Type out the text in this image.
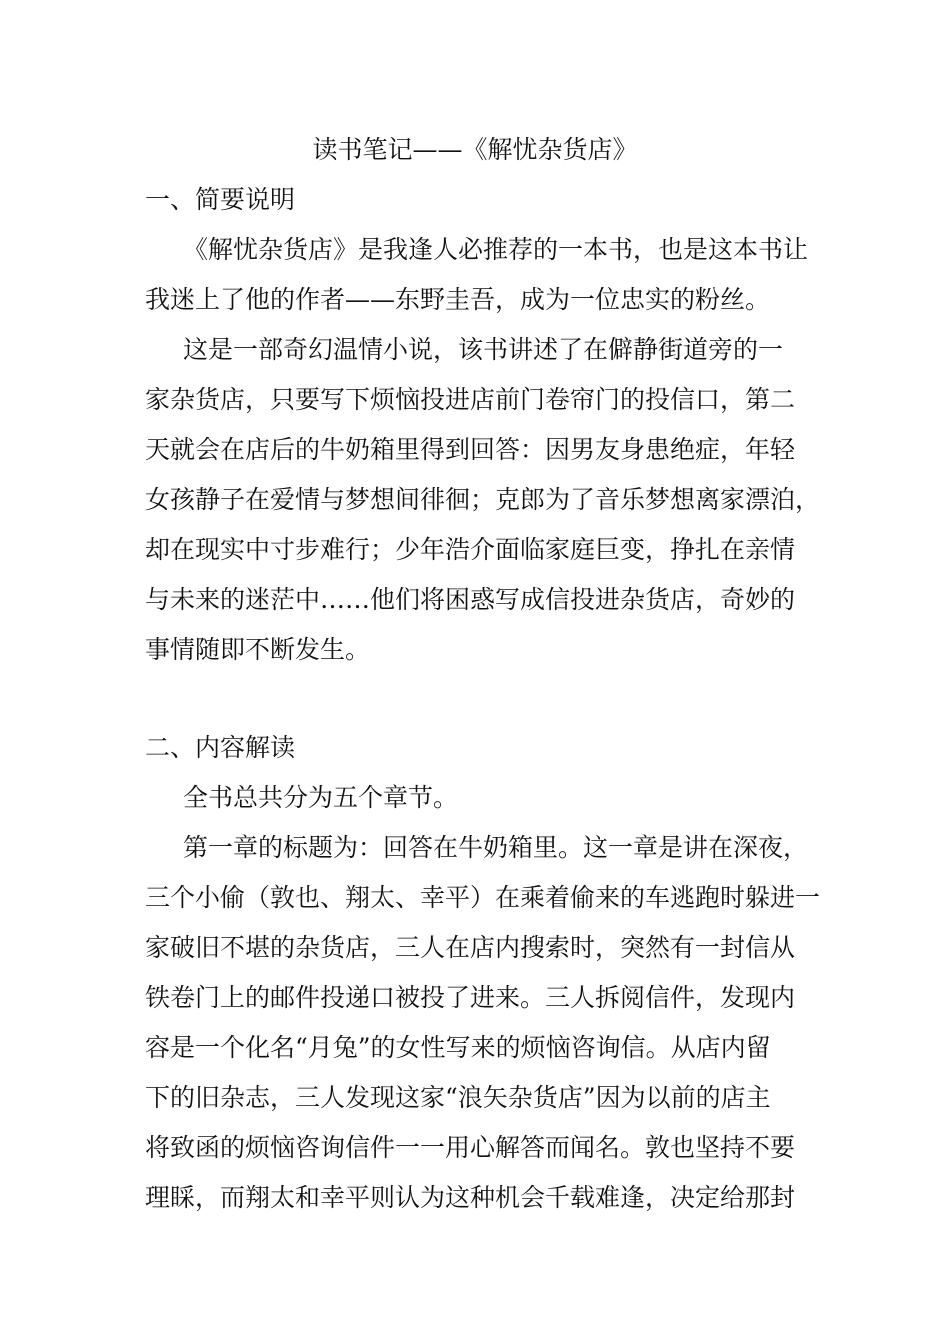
读书笔记——《解忧杂货店》
一、简要说明
《解忧杂货店》是我逢人必推荐的一本书，也是这本书让
我迷上了他的作者——东野圭吾，成为一位忠实的粉丝。
这是一部奇幻温情小说，该书讲述了在僻静街道旁的一
家杂货店，只要写下烦恼投进店前门卷帘门的投信口，第二
天就会在店后的牛奶箱里得到回答：因男友身患绝症，年轻
女孩静子在爱情与梦想间徘徊；克郎为了音乐梦想离家漂泊，
却在现实中寸步难行；少年浩介面临家庭巨变，挣扎在亲情
与未来的迷茫中……他们将困惑写成信投进杂货店，奇妙的
事情随即不断发生。
二、内容解读
全书总共分为五个章节。
第一章的标题为：回答在牛奶箱里。这一章是讲在深夜，
三个小偷（敦也、翔太、幸平）在乘着偷来的车逃跑时躲进一
家破旧不堪的杂货店，三人在店内搜索时，突然有一封信从
铁卷门上的邮件投递口被投了进来。三人拆阅信件，发现内
容是一个化名“月兔”的女性写来的烦恼咨询信。从店内留
下的旧杂志，三人发现这家“浪矢杂货店”因为以前的店主
将致函的烦恼咨询信件一一用心解答而闻名。敦也坚持不要
理睬，而翔太和幸平则认为这种机会千载难逢，决定给那封
